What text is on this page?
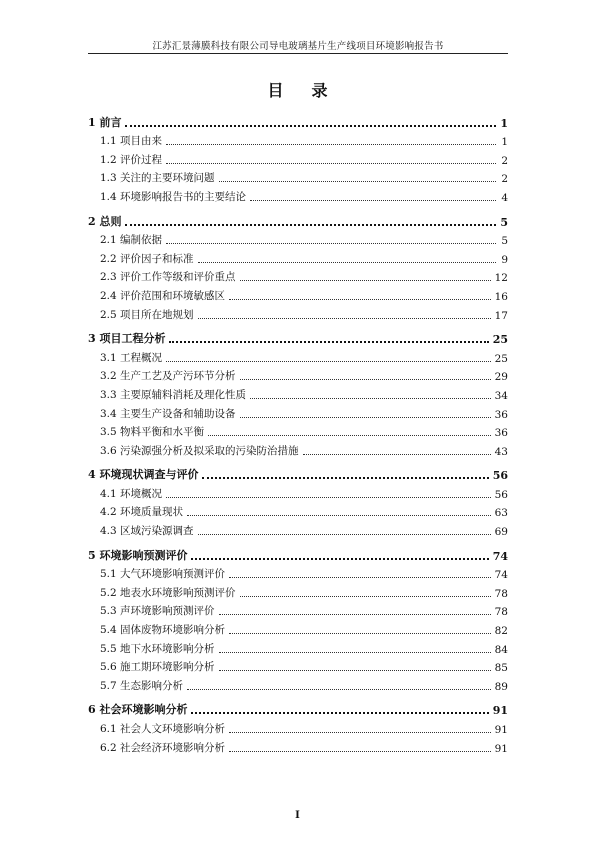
江苏汇景薄膜科技有限公司导电玻璃基片生产线项目环境影响报告书
目录
1 前言	1
1.1 项目由来	1
1.2 评价过程	2
1.3 关注的主要环境问题	2
1.4 环境影响报告书的主要结论	4
2 总则	5
2.1 编制依据	5
2.2 评价因子和标准	9
2.3 评价工作等级和评价重点	12
2.4 评价范围和环境敏感区	16
2.5 项目所在地规划	17
3 项目工程分析	25
3.1 工程概况	25
3.2 生产工艺及产污环节分析	29
3.3 主要原辅料消耗及理化性质	34
3.4 主要生产设备和辅助设备	36
3.5 物料平衡和水平衡	36
3.6 污染源强分析及拟采取的污染防治措施	43
4 环境现状调查与评价	56
4.1 环境概况	56
4.2 环境质量现状	63
4.3 区域污染源调查	69
5 环境影响预测评价	74
5.1 大气环境影响预测评价	74
5.2 地表水环境影响预测评价	78
5.3 声环境影响预测评价	78
5.4 固体废物环境影响分析	82
5.5 地下水环境影响分析	84
5.6 施工期环境影响分析	85
5.7 生态影响分析	89
6 社会环境影响分析	91
6.1 社会人文环境影响分析	91
6.2 社会经济环境影响分析	91
I
